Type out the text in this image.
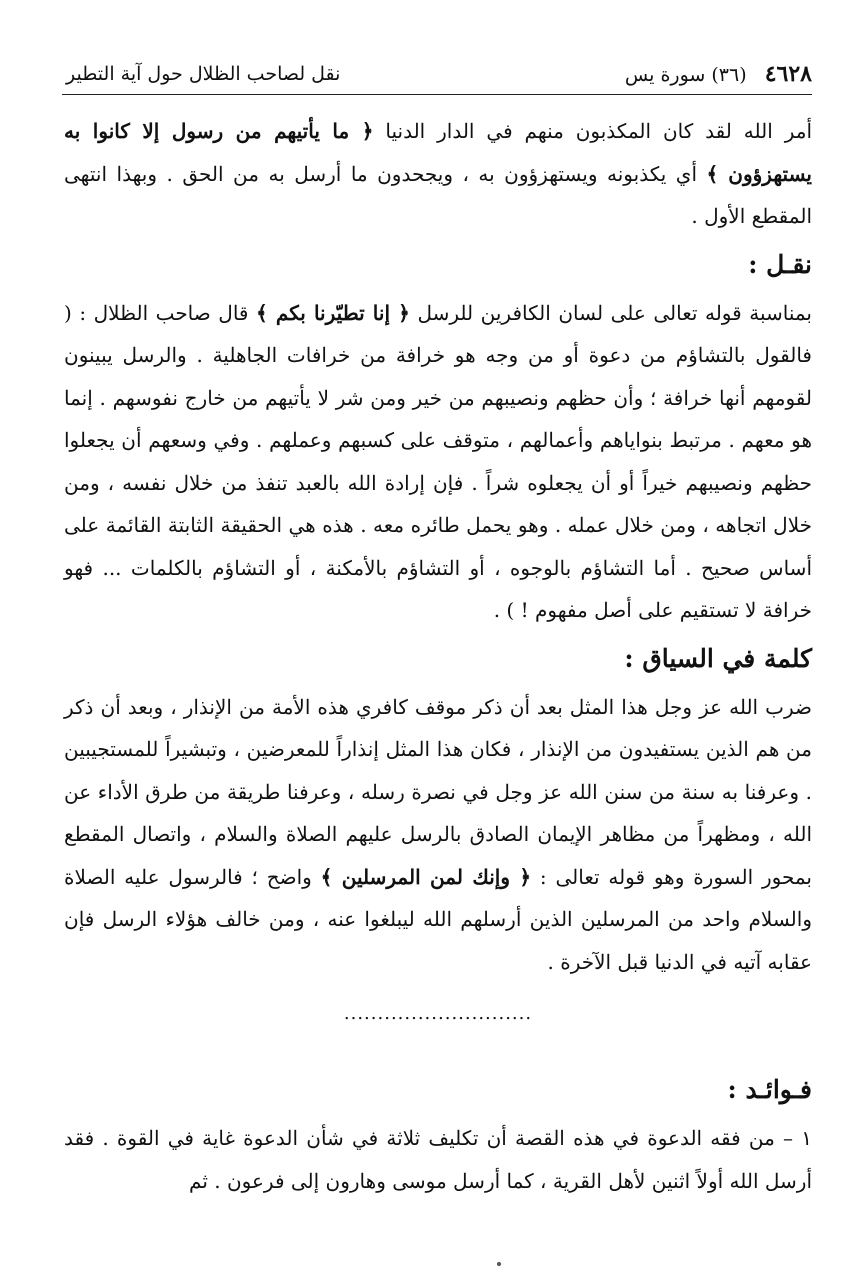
نقل لصاحب الظلال حول آية التطير	٤٦٢٨   (٣٦) سورة يس

أمر الله لقد كان المكذبون منهم في الدار الدنيا ﴿ ما يأتيهم من رسول إلا كانوا به يستهزؤون ﴾ أي يكذبونه ويستهزؤون به ، ويجحدون ما أرسل به من الحق . وبهذا انتهى المقطع الأول .

نقـل :

بمناسبة قوله تعالى على لسان الكافرين للرسل ﴿ إنا تطيّرنا بكم ﴾ قال صاحب الظلال : ( فالقول بالتشاؤم من دعوة أو من وجه هو خرافة من خرافات الجاهلية . والرسل يبينون لقومهم أنها خرافة ؛ وأن حظهم ونصيبهم من خير ومن شر لا يأتيهم من خارج نفوسهم . إنما هو معهم . مرتبط بنواياهم وأعمالهم ، متوقف على كسبهم وعملهم . وفي وسعهم أن يجعلوا حظهم ونصيبهم خيراً أو أن يجعلوه شراً . فإن إرادة الله بالعبد تنفذ من خلال نفسه ، ومن خلال اتجاهه ، ومن خلال عمله . وهو يحمل طائره معه . هذه هي الحقيقة الثابتة القائمة على أساس صحيح . أما التشاؤم بالوجوه ، أو التشاؤم بالأمكنة ، أو التشاؤم بالكلمات ... فهو خرافة لا تستقيم على أصل مفهوم ! ) .

كلمة في السياق :

ضرب الله عز وجل هذا المثل بعد أن ذكر موقف كافري هذه الأمة من الإنذار ، وبعد أن ذكر من هم الذين يستفيدون من الإنذار ، فكان هذا المثل إنذاراً للمعرضين ، وتبشيراً للمستجيبين . وعرفنا به سنة من سنن الله عز وجل في نصرة رسله ، وعرفنا طريقة من طرق الأداء عن الله ، ومظهراً من مظاهر الإيمان الصادق بالرسل عليهم الصلاة والسلام ، واتصال المقطع بمحور السورة وهو قوله تعالى : ﴿ وإنك لمن المرسلين ﴾ واضح ؛ فالرسول عليه الصلاة والسلام واحد من المرسلين الذين أرسلهم الله ليبلغوا عنه ، ومن خالف هؤلاء الرسل فإن عقابه آتيه في الدنيا قبل الآخرة .

............................
فـوائـد :

١ – من فقه الدعوة في هذه القصة أن تكليف ثلاثة في شأن الدعوة غاية في القوة . فقد أرسل الله أولاً اثنين لأهل القرية ، كما أرسل موسى وهارون إلى فرعون . ثم
